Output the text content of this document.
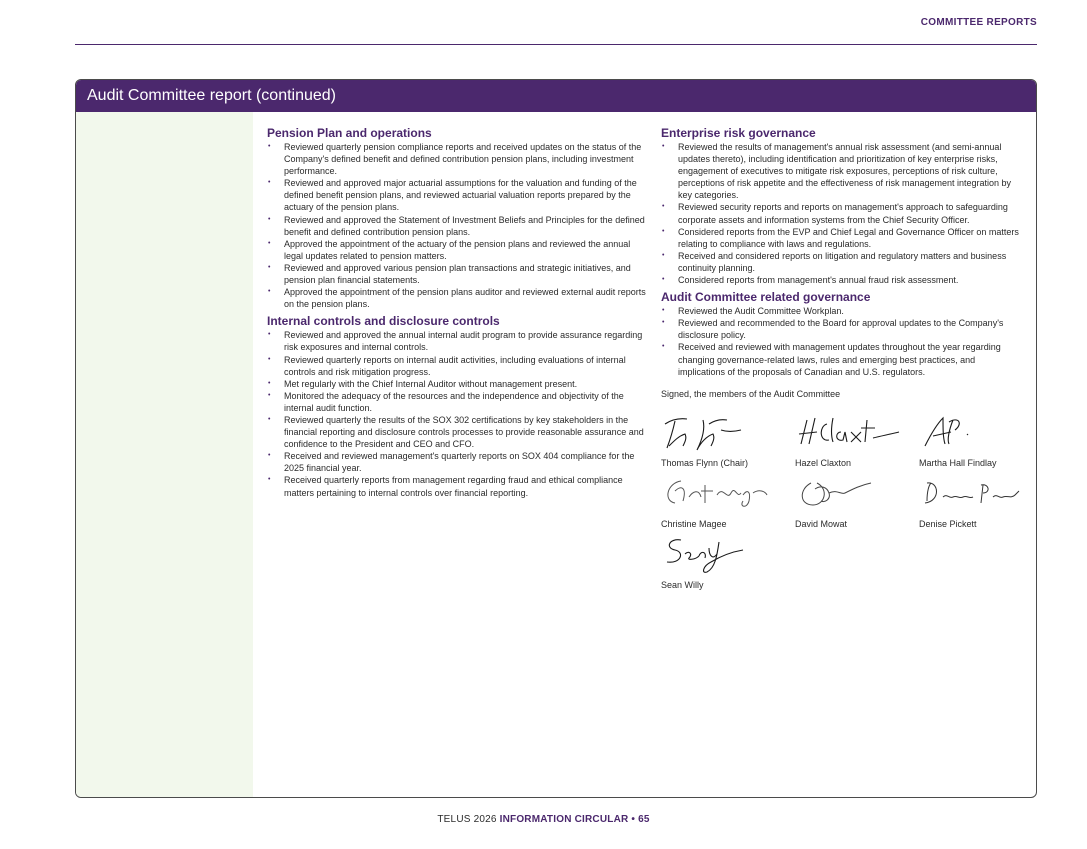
COMMITTEE REPORTS
Audit Committee report (continued)
Pension Plan and operations
• Reviewed quarterly pension compliance reports and received updates on the status of the Company's defined benefit and defined contribution pension plans, including investment performance.
• Reviewed and approved major actuarial assumptions for the valuation and funding of the defined benefit pension plans, and reviewed actuarial valuation reports prepared by the actuary of the pension plans.
• Reviewed and approved the Statement of Investment Beliefs and Principles for the defined benefit and defined contribution pension plans.
• Approved the appointment of the actuary of the pension plans and reviewed the annual legal updates related to pension matters.
• Reviewed and approved various pension plan transactions and strategic initiatives, and pension plan financial statements.
• Approved the appointment of the pension plans auditor and reviewed external audit reports on the pension plans.
Internal controls and disclosure controls
• Reviewed and approved the annual internal audit program to provide assurance regarding risk exposures and internal controls.
• Reviewed quarterly reports on internal audit activities, including evaluations of internal controls and risk mitigation progress.
• Met regularly with the Chief Internal Auditor without management present.
• Monitored the adequacy of the resources and the independence and objectivity of the internal audit function.
• Reviewed quarterly the results of the SOX 302 certifications by key stakeholders in the financial reporting and disclosure controls processes to provide reasonable assurance and confidence to the President and CEO and CFO.
• Received and reviewed management's quarterly reports on SOX 404 compliance for the 2025 financial year.
• Received quarterly reports from management regarding fraud and ethical compliance matters pertaining to internal controls over financial reporting.
Enterprise risk governance
• Reviewed the results of management's annual risk assessment (and semi-annual updates thereto), including identification and prioritization of key enterprise risks, engagement of executives to mitigate risk exposures, perceptions of risk culture, perceptions of risk appetite and the effectiveness of risk management integration by key categories.
• Reviewed security reports and reports on management's approach to safeguarding corporate assets and information systems from the Chief Security Officer.
• Considered reports from the EVP and Chief Legal and Governance Officer on matters relating to compliance with laws and regulations.
• Received and considered reports on litigation and regulatory matters and business continuity planning.
• Considered reports from management's annual fraud risk assessment.
Audit Committee related governance
• Reviewed the Audit Committee Workplan.
• Reviewed and recommended to the Board for approval updates to the Company's disclosure policy.
• Received and reviewed with management updates throughout the year regarding changing governance-related laws, rules and emerging best practices, and implications of the proposals of Canadian and U.S. regulators.
Signed, the members of the Audit Committee
Thomas Flynn (Chair)	Hazel Claxton	Martha Hall Findlay
Christine Magee	David Mowat	Denise Pickett
Sean Willy
TELUS 2026 INFORMATION CIRCULAR • 65
